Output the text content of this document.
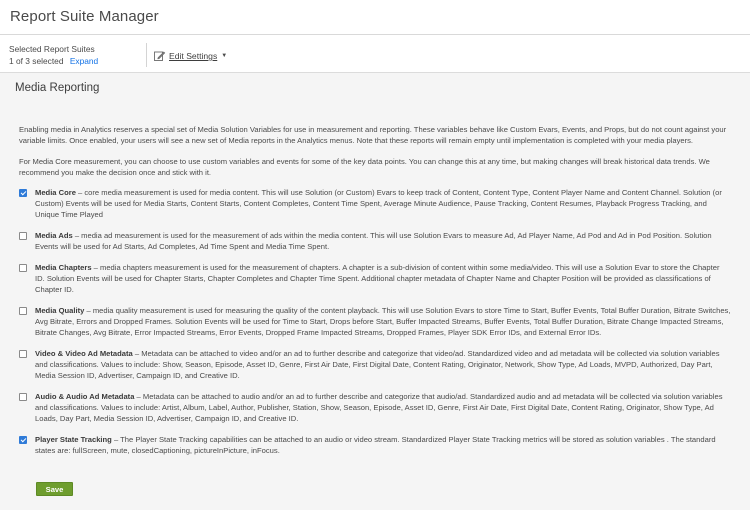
Report Suite Manager
Selected Report Suites
1 of 3 selected Expand	Edit Settings ▼
Media Reporting

Enabling media in Analytics reserves a special set of Media Solution Variables for use in measurement and reporting. These variables behave like Custom Evars, Events, and Props, but do not count against your variable limits. Once enabled, your users will see a new set of Media reports in the Analytics menus. Note that these reports will remain empty until implementation is completed with your media players.

For Media Core measurement, you can choose to use custom variables and events for some of the key data points. You can change this at any time, but making changes will break historical data trends. We recommend you make the decision once and stick with it.

Media Core – core media measurement is used for media content. This will use Solution (or Custom) Evars to keep track of Content, Content Type, Content Player Name and Content Channel. Solution (or Custom) Events will be used for Media Starts, Content Starts, Content Completes, Content Time Spent, Average Minute Audience, Pause Tracking, Content Resumes, Playback Progress Tracking, and Unique Time Played
Media Ads – media ad measurement is used for the measurement of ads within the media content. This will use Solution Evars to measure Ad, Ad Player Name, Ad Pod and Ad in Pod Position. Solution Events will be used for Ad Starts, Ad Completes, Ad Time Spent and Media Time Spent.
Media Chapters – media chapters measurement is used for the measurement of chapters. A chapter is a sub-division of content within some media/video. This will use a Solution Evar to store the Chapter ID. Solution Events will be used for Chapter Starts, Chapter Completes and Chapter Time Spent. Additional chapter metadata of Chapter Name and Chapter Position will be provided as classifications of Chapter ID.
Media Quality – media quality measurement is used for measuring the quality of the content playback. This will use Solution Evars to store Time to Start, Buffer Events, Total Buffer Duration, Bitrate Switches, Avg Bitrate, Errors and Dropped Frames. Solution Events will be used for Time to Start, Drops before Start, Buffer Impacted Streams, Buffer Events, Total Buffer Duration, Bitrate Change Impacted Streams, Bitrate Changes, Avg Bitrate, Error Impacted Streams, Error Events, Dropped Frame Impacted Streams, Dropped Frames, Player SDK Error IDs, and External Error IDs.
Video & Video Ad Metadata – Metadata can be attached to video and/or an ad to further describe and categorize that video/ad. Standardized video and ad metadata will be collected via solution variables and classifications. Values to include: Show, Season, Episode, Asset ID, Genre, First Air Date, First Digital Date, Content Rating, Originator, Network, Show Type, Ad Loads, MVPD, Authorized, Day Part, Media Session ID, Advertiser, Campaign ID, and Creative ID.
Audio & Audio Ad Metadata – Metadata can be attached to audio and/or an ad to further describe and categorize that audio/ad. Standardized audio and ad metadata will be collected via solution variables and classifications. Values to include: Artist, Album, Label, Author, Publisher, Station, Show, Season, Episode, Asset ID, Genre, First Air Date, First Digital Date, Content Rating, Originator, Show Type, Ad Loads, Day Part, Media Session ID, Advertiser, Campaign ID, and Creative ID.
Player State Tracking – The Player State Tracking capabilities can be attached to an audio or video stream. Standardized Player State Tracking metrics will be stored as solution variables . The standard states are: fullScreen, mute, closedCaptioning, pictureInPicture, inFocus.
Save
